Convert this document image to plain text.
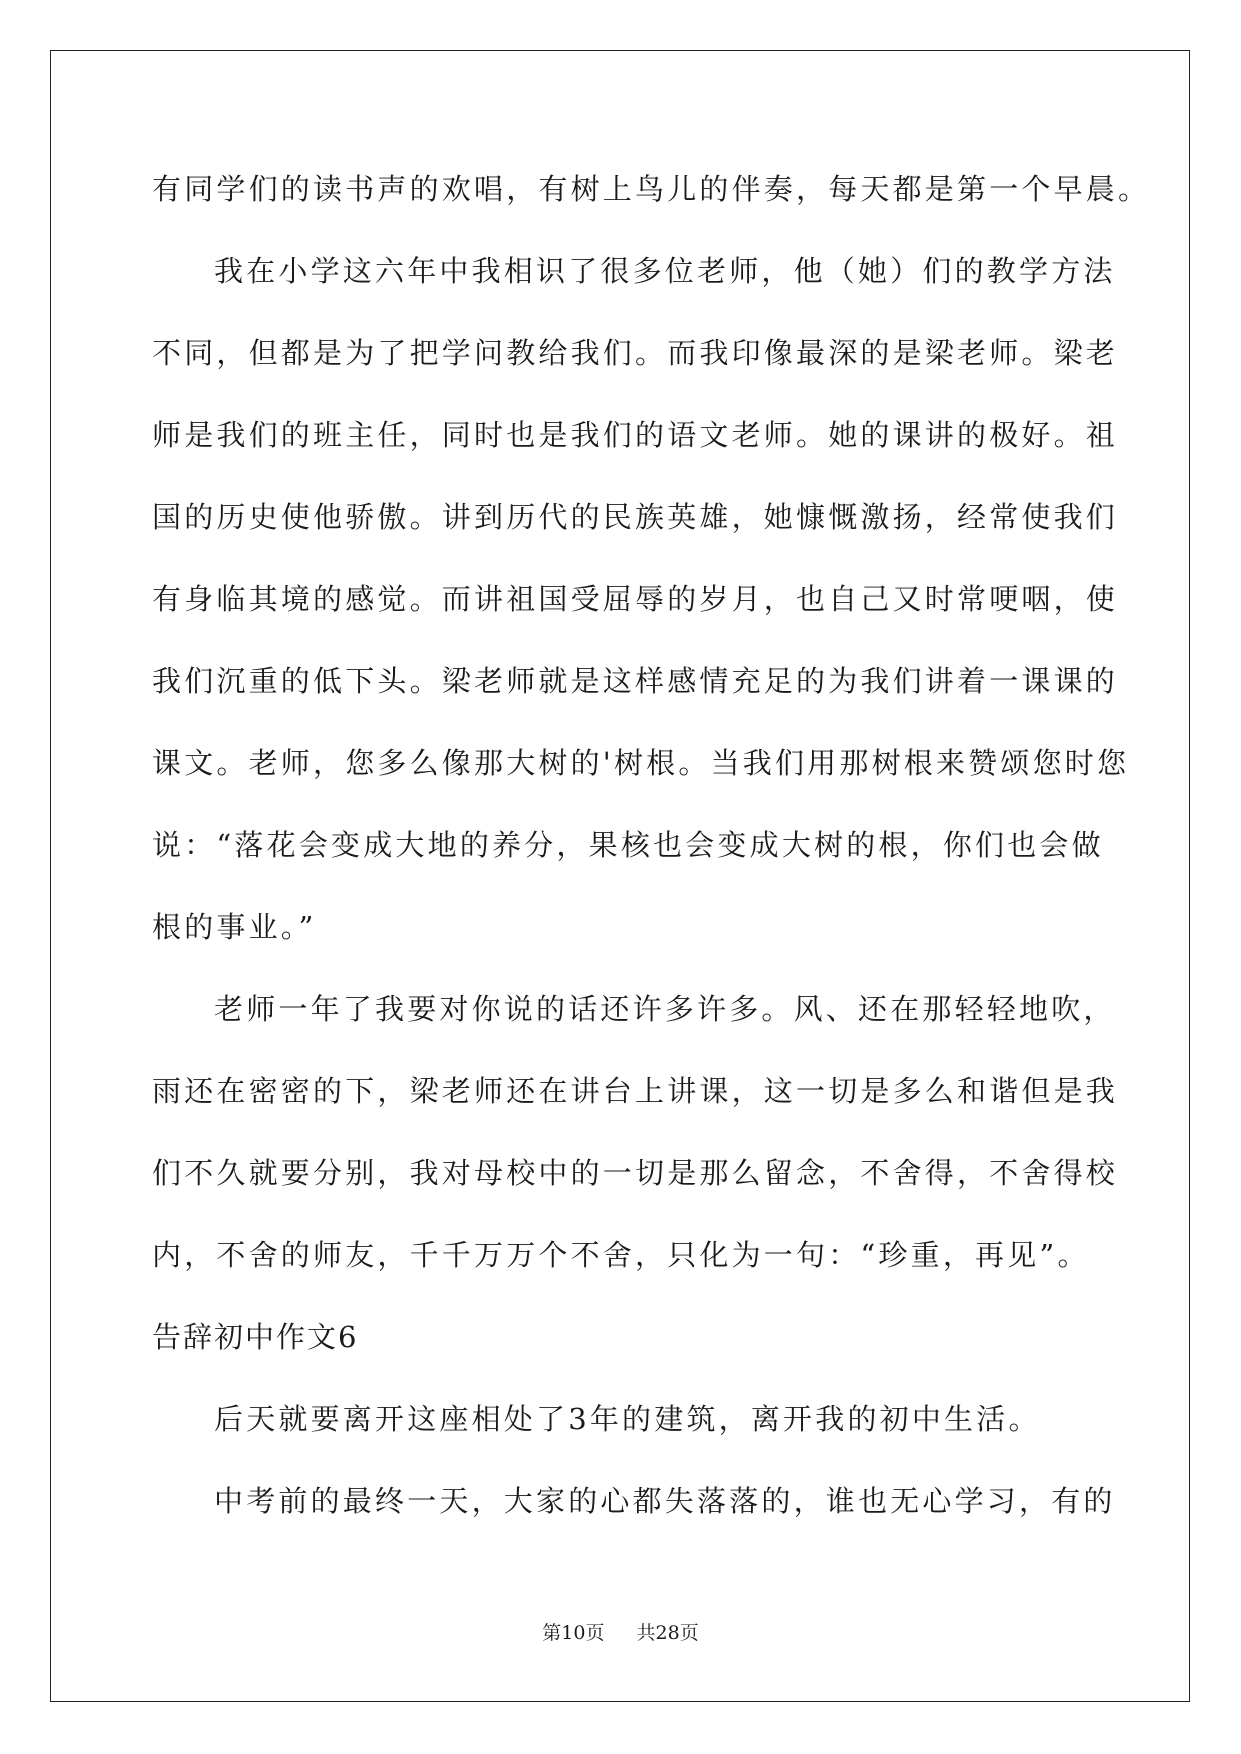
有同学们的读书声的欢唱，有树上鸟儿的伴奏，每天都是第一个早晨。
我在小学这六年中我相识了很多位老师，他（她）们的教学方法
不同，但都是为了把学问教给我们。而我印像最深的是梁老师。梁老
师是我们的班主任，同时也是我们的语文老师。她的课讲的极好。祖
国的历史使他骄傲。讲到历代的民族英雄，她慷慨激扬，经常使我们
有身临其境的感觉。而讲祖国受屈辱的岁月，也自己又时常哽咽，使
我们沉重的低下头。梁老师就是这样感情充足的为我们讲着一课课的
课文。老师，您多么像那大树的'树根。当我们用那树根来赞颂您时您
说：“落花会变成大地的养分，果核也会变成大树的根，你们也会做
根的事业。”
老师一年了我要对你说的话还许多许多。风、还在那轻轻地吹，
雨还在密密的下，梁老师还在讲台上讲课，这一切是多么和谐但是我
们不久就要分别，我对母校中的一切是那么留念，不舍得，不舍得校
内，不舍的师友，千千万万个不舍，只化为一句：“珍重，再见”。
告辞初中作文6
后天就要离开这座相处了3年的建筑，离开我的初中生活。
中考前的最终一天，大家的心都失落落的，谁也无心学习，有的
第10页 共28页
